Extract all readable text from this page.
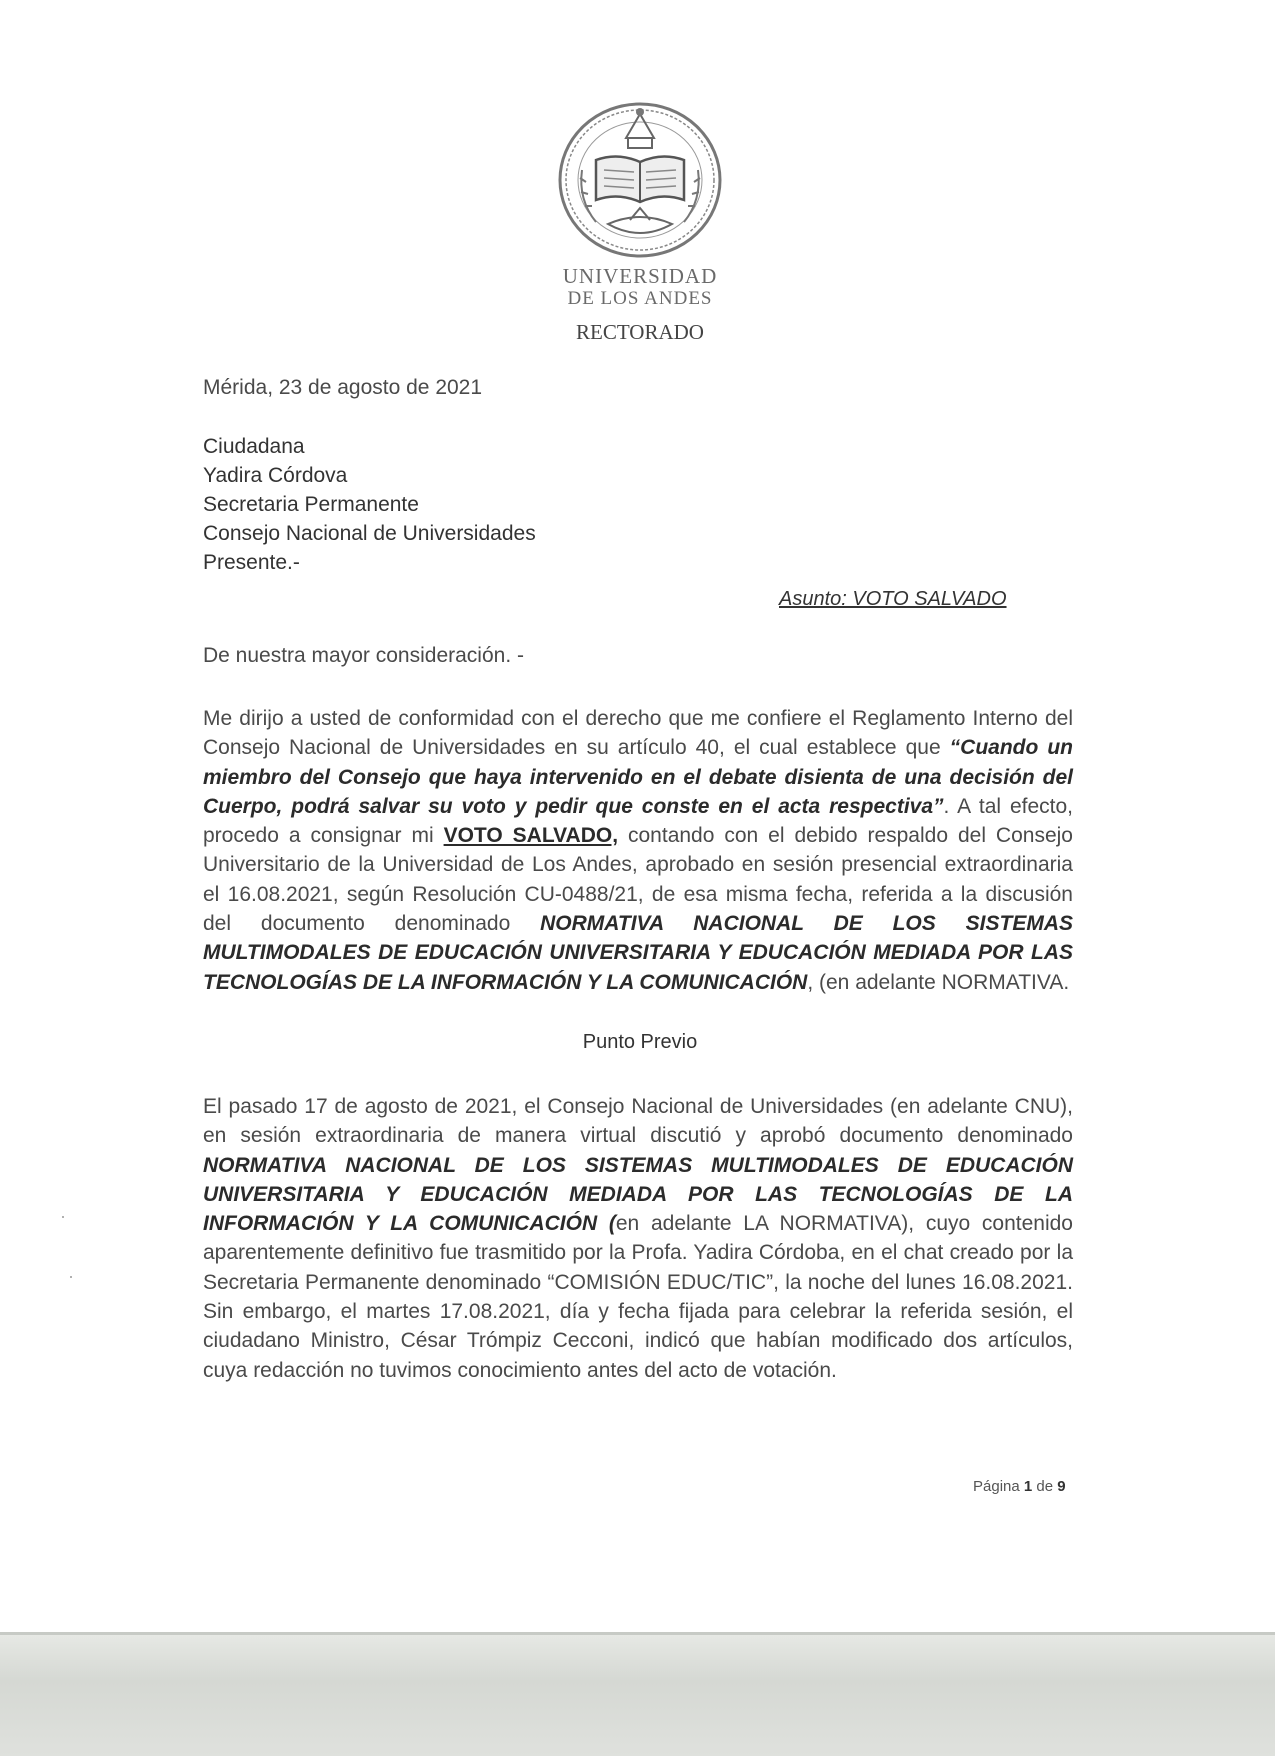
UNIVERSIDAD
DE LOS ANDES
RECTORADO
Mérida, 23 de agosto de 2021
Ciudadana
Yadira Córdova
Secretaria Permanente
Consejo Nacional de Universidades
Presente.-
Asunto: VOTO SALVADO
De nuestra mayor consideración. -

Me dirijo a usted de conformidad con el derecho que me confiere el Reglamento Interno del Consejo Nacional de Universidades en su artículo 40, el cual establece que “Cuando un miembro del Consejo que haya intervenido en el debate disienta de una decisión del Cuerpo, podrá salvar su voto y pedir que conste en el acta respectiva”. A tal efecto, procedo a consignar mi VOTO SALVADO, contando con el debido respaldo del Consejo Universitario de la Universidad de Los Andes, aprobado en sesión presencial extraordinaria el 16.08.2021, según Resolución CU-0488/21, de esa misma fecha, referida a la discusión del documento denominado NORMATIVA NACIONAL DE LOS SISTEMAS MULTIMODALES DE EDUCACIÓN UNIVERSITARIA Y EDUCACIÓN MEDIADA POR LAS TECNOLOGÍAS DE LA INFORMACIÓN Y LA COMUNICACIÓN, (en adelante NORMATIVA.

Punto Previo

El pasado 17 de agosto de 2021, el Consejo Nacional de Universidades (en adelante CNU), en sesión extraordinaria de manera virtual discutió y aprobó documento denominado NORMATIVA NACIONAL DE LOS SISTEMAS MULTIMODALES DE EDUCACIÓN UNIVERSITARIA Y EDUCACIÓN MEDIADA POR LAS TECNOLOGÍAS DE LA INFORMACIÓN Y LA COMUNICACIÓN (en adelante LA NORMATIVA), cuyo contenido aparentemente definitivo fue trasmitido por la Profa. Yadira Córdoba, en el chat creado por la Secretaria Permanente denominado “COMISIÓN EDUC/TIC”, la noche del lunes 16.08.2021. Sin embargo, el martes 17.08.2021, día y fecha fijada para celebrar la referida sesión, el ciudadano Ministro, César Trómpiz Cecconi, indicó que habían modificado dos artículos, cuya redacción no tuvimos conocimiento antes del acto de votación.

Página 1 de 9
